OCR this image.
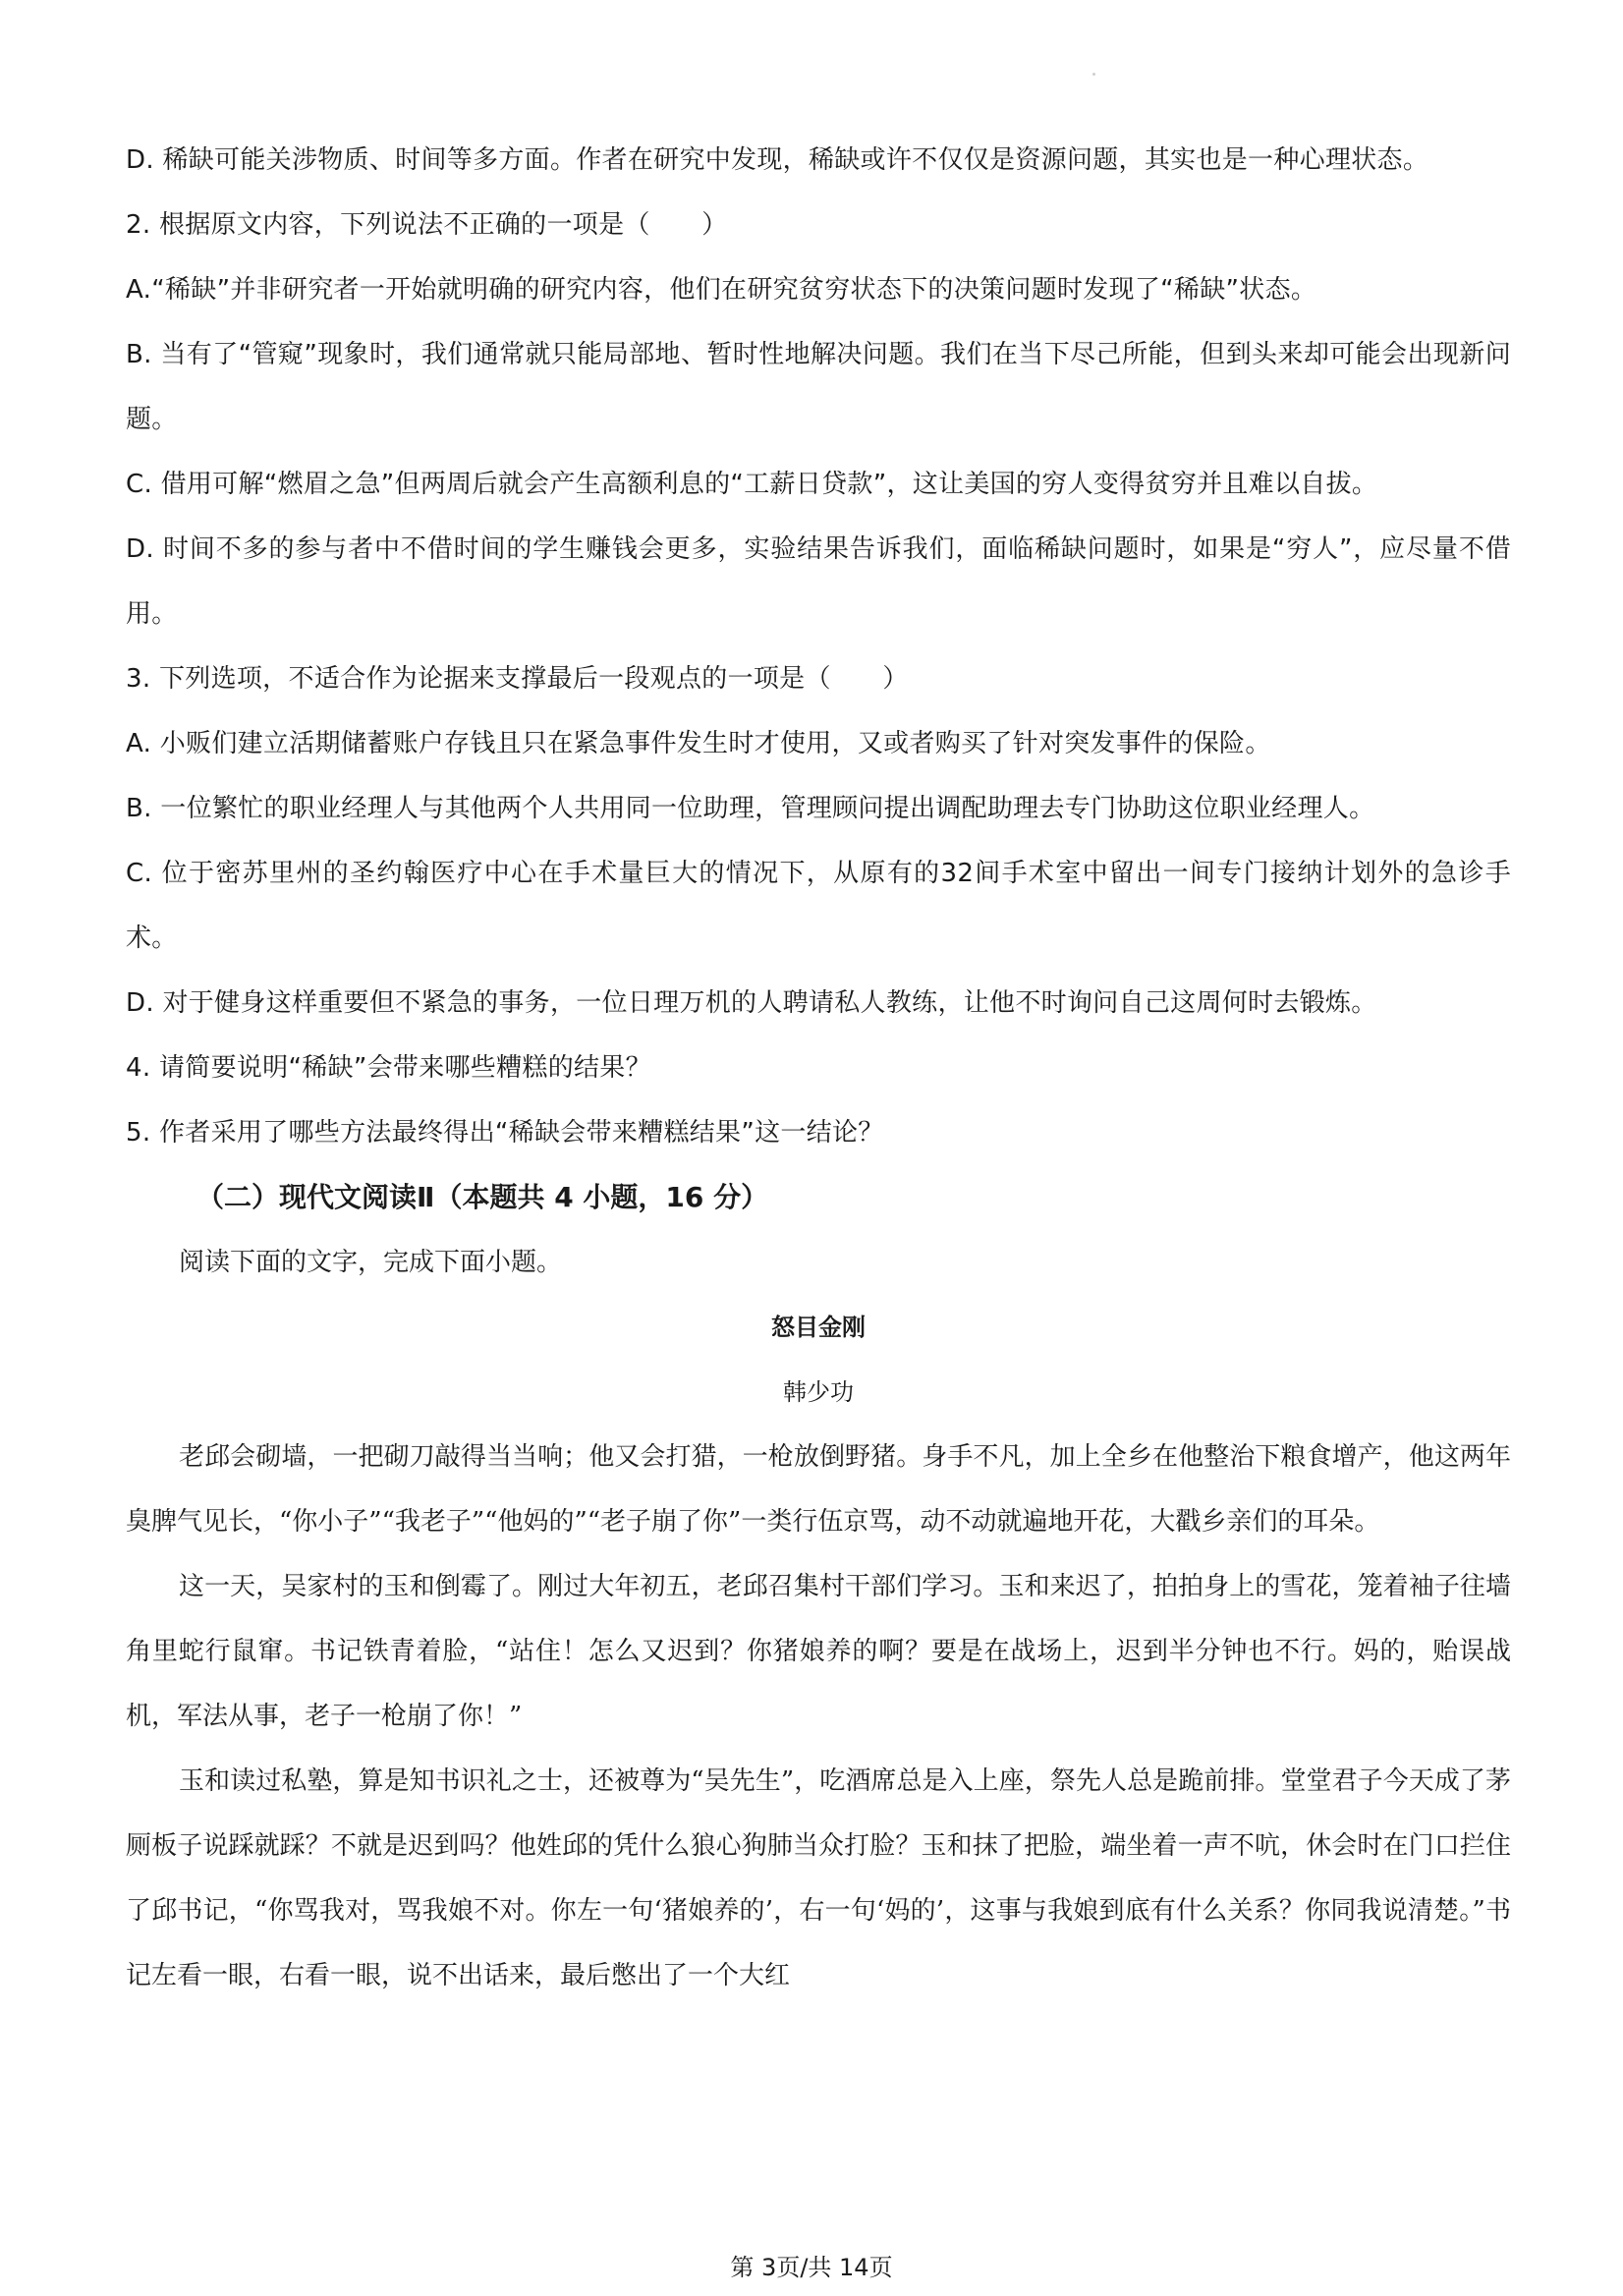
D. 稀缺可能关涉物质、时间等多方面。作者在研究中发现，稀缺或许不仅仅是资源问题，其实也是一种心理状态。

2. 根据原文内容，下列说法不正确的一项是（　　）

A.“稀缺”并非研究者一开始就明确的研究内容，他们在研究贫穷状态下的决策问题时发现了“稀缺”状态。

B. 当有了“管窥”现象时，我们通常就只能局部地、暂时性地解决问题。我们在当下尽己所能，但到头来却可能会出现新问题。

C. 借用可解“燃眉之急”但两周后就会产生高额利息的“工薪日贷款”，这让美国的穷人变得贫穷并且难以自拔。

D. 时间不多的参与者中不借时间的学生赚钱会更多，实验结果告诉我们，面临稀缺问题时，如果是“穷人”，应尽量不借用。

3. 下列选项，不适合作为论据来支撑最后一段观点的一项是（　　）

A. 小贩们建立活期储蓄账户存钱且只在紧急事件发生时才使用，又或者购买了针对突发事件的保险。

B. 一位繁忙的职业经理人与其他两个人共用同一位助理，管理顾问提出调配助理去专门协助这位职业经理人。

C. 位于密苏里州的圣约翰医疗中心在手术量巨大的情况下，从原有的32间手术室中留出一间专门接纳计划外的急诊手术。

D. 对于健身这样重要但不紧急的事务，一位日理万机的人聘请私人教练，让他不时询问自己这周何时去锻炼。

4. 请简要说明“稀缺”会带来哪些糟糕的结果？

5. 作者采用了哪些方法最终得出“稀缺会带来糟糕结果”这一结论？

（二）现代文阅读Ⅱ（本题共 4 小题，16 分）

阅读下面的文字，完成下面小题。

怒目金刚

韩少功

老邱会砌墙，一把砌刀敲得当当响；他又会打猎，一枪放倒野猪。身手不凡，加上全乡在他整治下粮食增产，他这两年臭脾气见长，“你小子”“我老子”“他妈的”“老子崩了你”一类行伍京骂，动不动就遍地开花，大戳乡亲们的耳朵。

这一天，吴家村的玉和倒霉了。刚过大年初五，老邱召集村干部们学习。玉和来迟了，拍拍身上的雪花，笼着袖子往墙角里蛇行鼠窜。书记铁青着脸，“站住！怎么又迟到？你猪娘养的啊？要是在战场上，迟到半分钟也不行。妈的，贻误战机，军法从事，老子一枪崩了你！”

玉和读过私塾，算是知书识礼之士，还被尊为“吴先生”，吃酒席总是入上座，祭先人总是跪前排。堂堂君子今天成了茅厕板子说踩就踩？不就是迟到吗？他姓邱的凭什么狼心狗肺当众打脸？玉和抹了把脸，端坐着一声不吭，休会时在门口拦住了邱书记，“你骂我对，骂我娘不对。你左一句‘猪娘养的’，右一句‘妈的’，这事与我娘到底有什么关系？你同我说清楚。”书记左看一眼，右看一眼，说不出话来，最后憋出了一个大红

第 3页/共 14页
